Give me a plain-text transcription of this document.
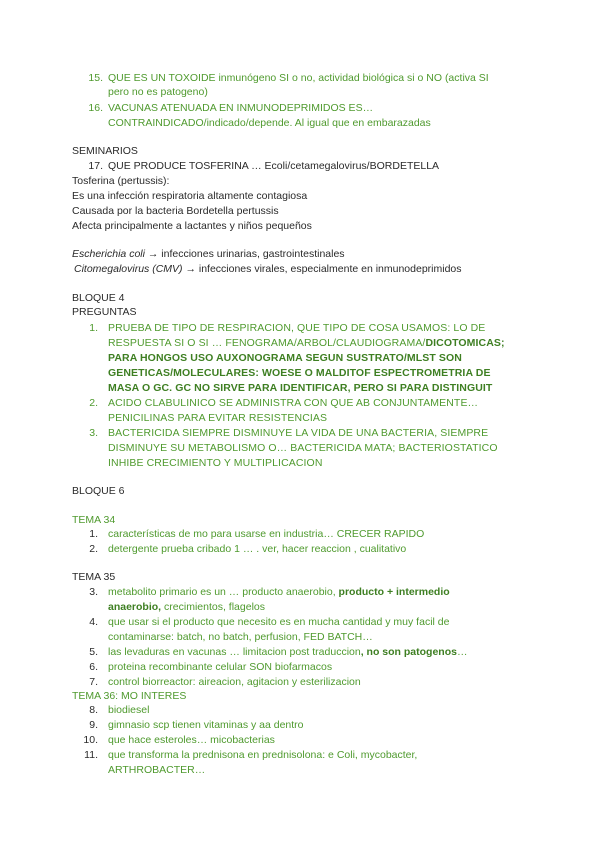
15. QUE ES UN TOXOIDE inmunógeno SI o no, actividad biológica si o NO (activa SI
pero no es patogeno)
16. VACUNAS ATENUADA EN INMUNODEPRIMIDOS ES…
CONTRAINDICADO/indicado/depende. Al igual que en embarazadas
SEMINARIOS
17. QUE PRODUCE TOSFERINA … Ecoli/cetamegalovirus/BORDETELLA
Tosferina (pertussis):
Es una infección respiratoria altamente contagiosa
Causada por la bacteria Bordetella pertussis
Afecta principalmente a lactantes y niños pequeños
Escherichia coli → infecciones urinarias, gastrointestinales
Citomegalovirus (CMV) → infecciones virales, especialmente en inmunodeprimidos
BLOQUE 4
PREGUNTAS
1. PRUEBA DE TIPO DE RESPIRACION, QUE TIPO DE COSA USAMOS: LO DE
RESPUESTA SI O SI … FENOGRAMA/ARBOL/CLAUDIOGRAMA/DICOTOMICAS;
PARA HONGOS USO AUXONOGRAMA SEGUN SUSTRATO/MLST SON
GENETICAS/MOLECULARES: WOESE O MALDITOF ESPECTROMETRIA DE
MASA O GC. GC NO SIRVE PARA IDENTIFICAR, PERO SI PARA DISTINGUIT
2. ACIDO CLABULINICO SE ADMINISTRA CON QUE AB CONJUNTAMENTE…
PENICILINAS PARA EVITAR RESISTENCIAS
3. BACTERICIDA SIEMPRE DISMINUYE LA VIDA DE UNA BACTERIA, SIEMPRE
DISMINUYE SU METABOLISMO O… BACTERICIDA MATA; BACTERIOSTATICO
INHIBE CRECIMIENTO Y MULTIPLICACION
BLOQUE 6
TEMA 34
1. características de mo para usarse en industria… CRECER RAPIDO
2. detergente prueba cribado 1 … . ver, hacer reaccion , cualitativo
TEMA 35
3. metabolito primario es un … producto anaerobio, producto + intermedio
anaerobio, crecimientos, flagelos
4. que usar si el producto que necesito es en mucha cantidad y muy facil de
contaminarse: batch, no batch, perfusion, FED BATCH…
5. las levaduras en vacunas … limitacion post traduccion, no son patogenos…
6. proteina recombinante celular SON biofarmacos
7. control biorreactor: aireacion, agitacion y esterilizacion
TEMA 36: MO INTERES
8. biodiesel
9. gimnasio scp tienen vitaminas y aa dentro
10. que hace esteroles… micobacterias
11. que transforma la prednisona en prednisolona: e Coli, mycobacter,
ARTHROBACTER…
